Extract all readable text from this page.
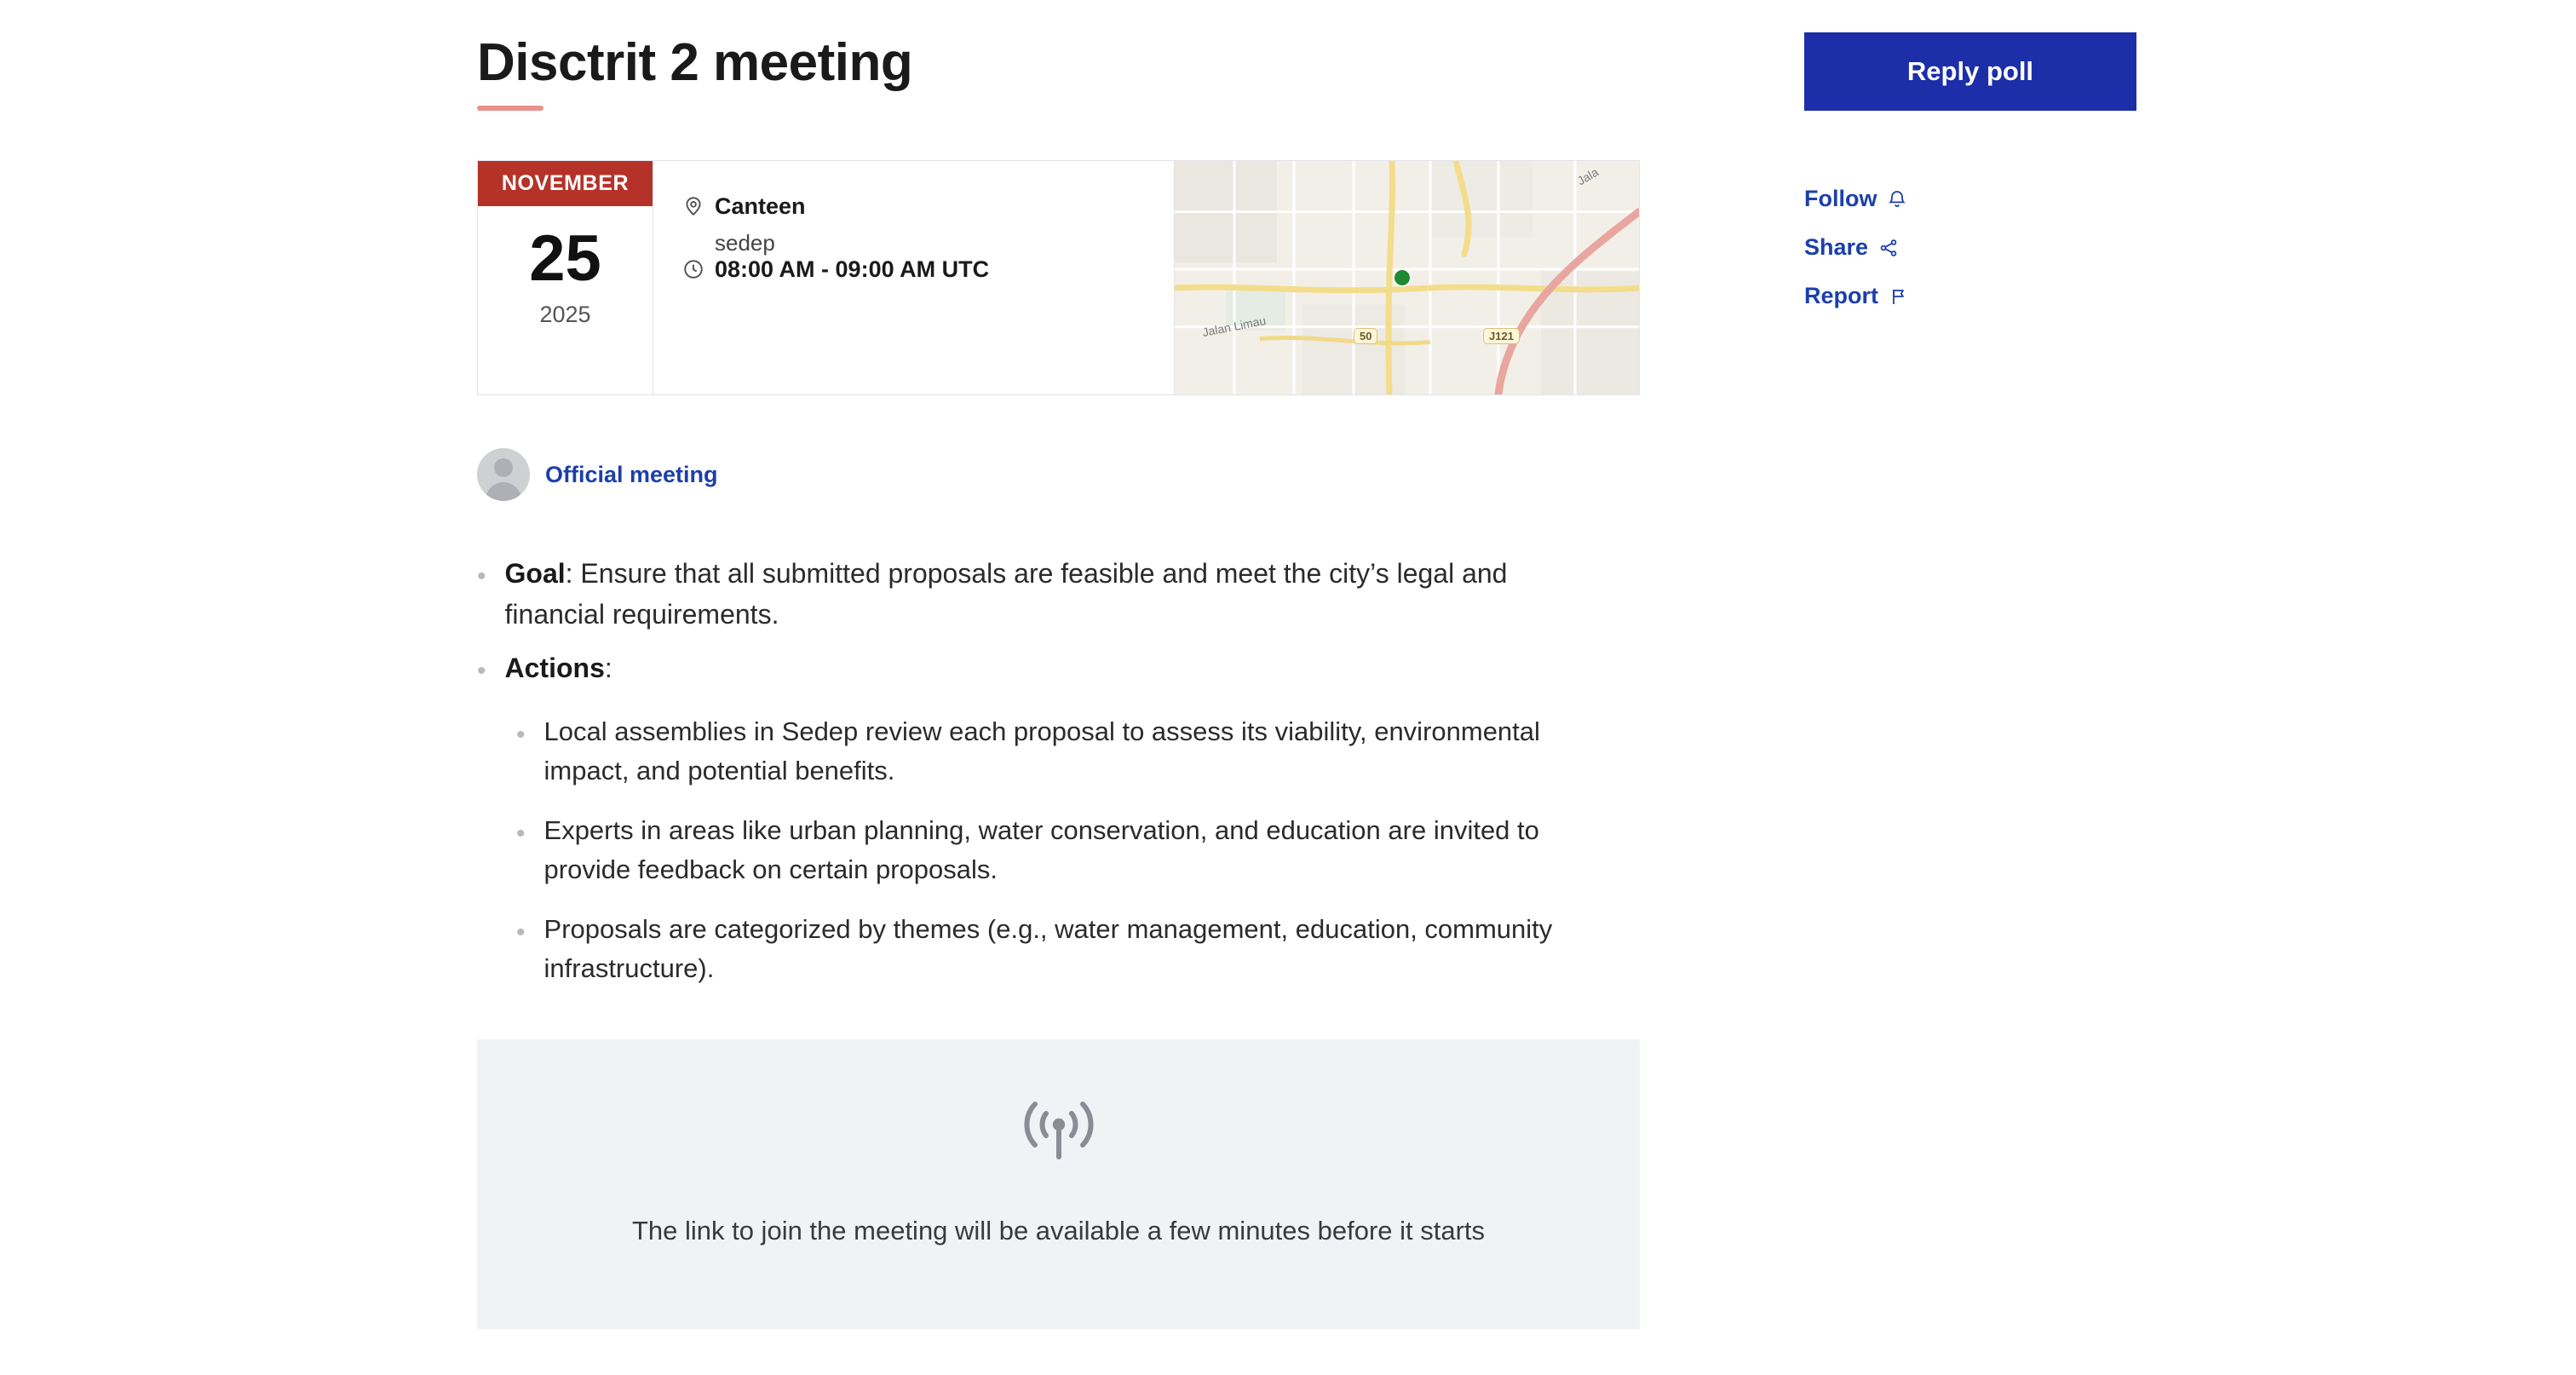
Disctrit 2 meeting
NOVEMBER
25
2025
Canteen
sedep
08:00 AM - 09:00 AM UTC
Jalan Limau
Jala
50	J121
Official meeting
• Goal: Ensure that all submitted proposals are feasible and meet the city’s legal and financial requirements.
• Actions:
• Local assemblies in Sedep review each proposal to assess its viability, environmental impact, and potential benefits.
• Experts in areas like urban planning, water conservation, and education are invited to provide feedback on certain proposals.
• Proposals are categorized by themes (e.g., water management, education, community infrastructure).
The link to join the meeting will be available a few minutes before it starts
Reply poll
Follow
Share
Report
